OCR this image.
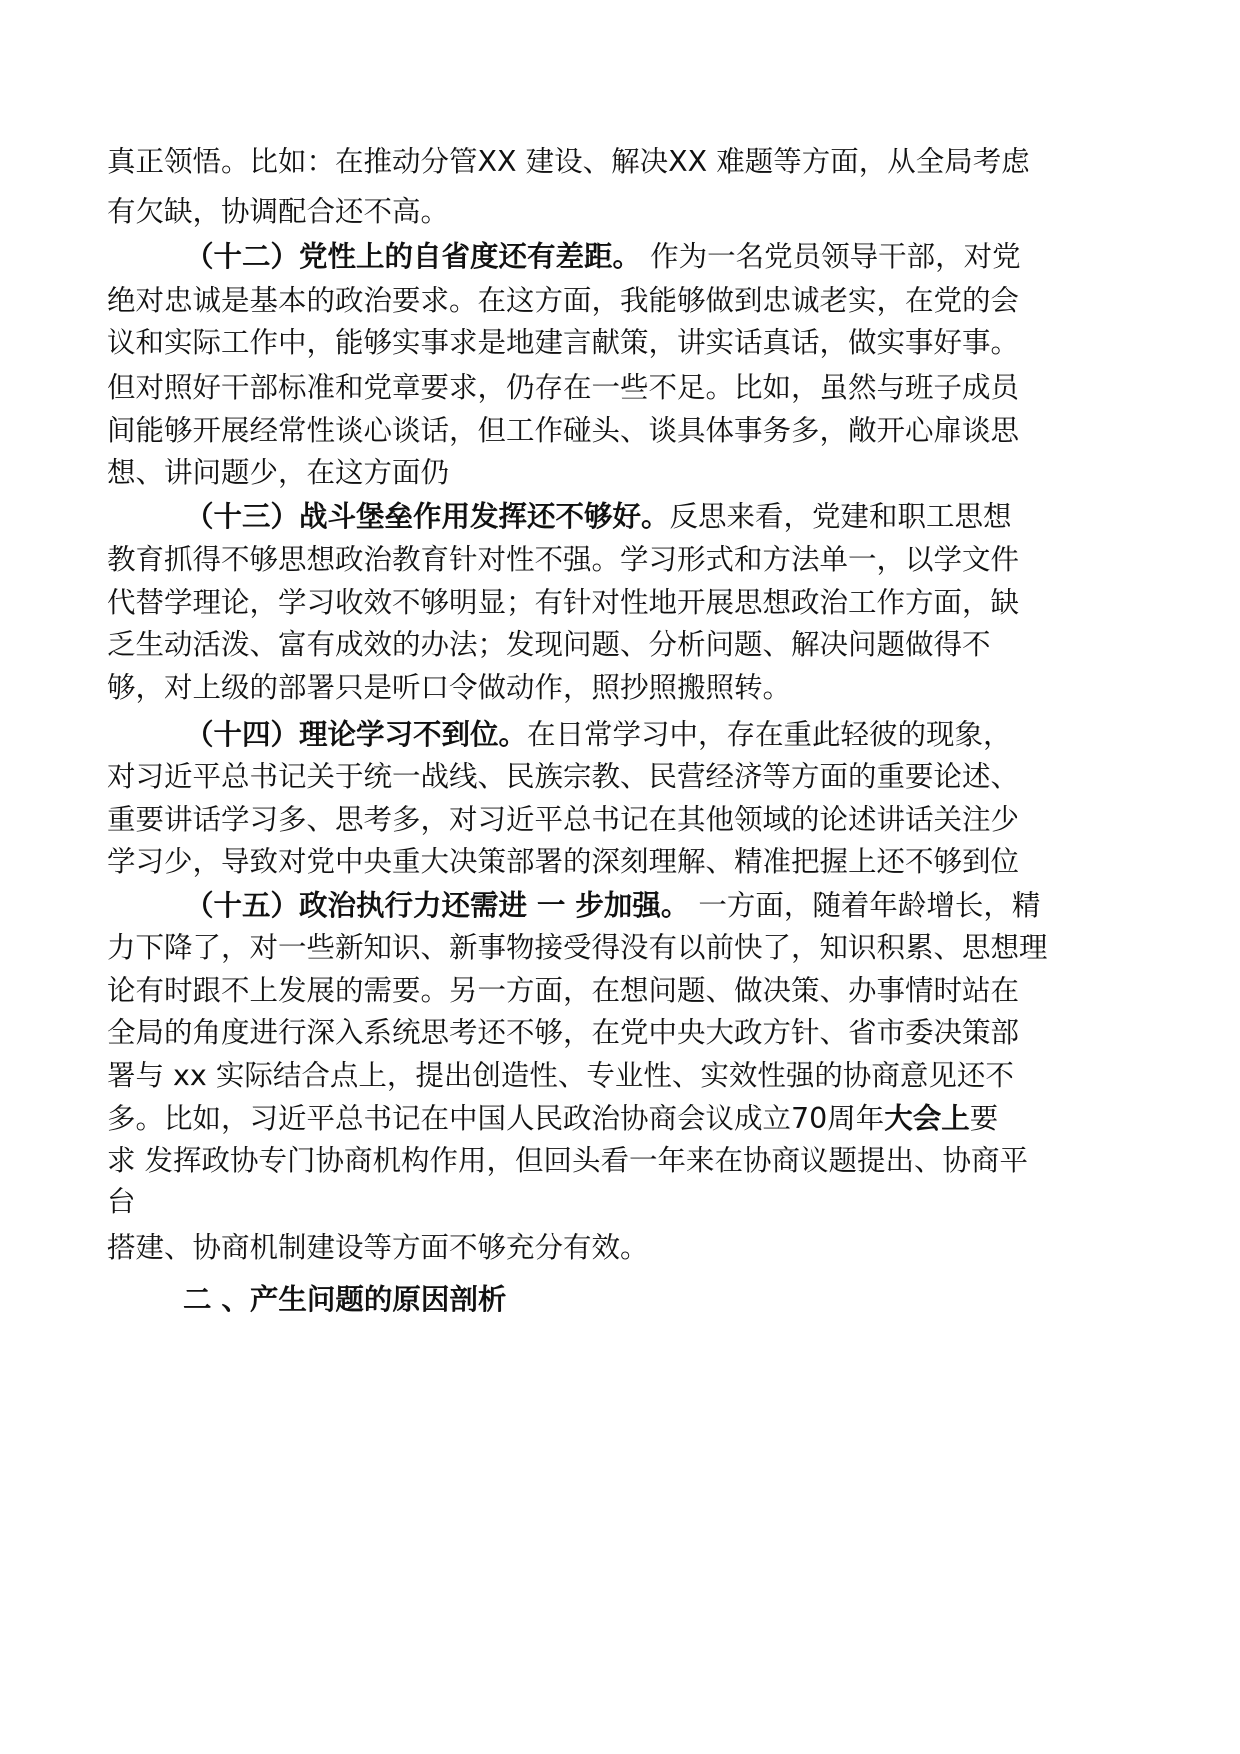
真正领悟。比如：在推动分管XX 建设、解决XX 难题等方面，从全局考虑
有欠缺，协调配合还不高。
（十二）党性上的自省度还有差距。 作为一名党员领导干部，对党
绝对忠诚是基本的政治要求。在这方面，我能够做到忠诚老实，在党的会
议和实际工作中，能够实事求是地建言献策，讲实话真话，做实事好事。
但对照好干部标准和党章要求，仍存在一些不足。比如，虽然与班子成员
间能够开展经常性谈心谈话，但工作碰头、谈具体事务多，敞开心扉谈思
想、讲问题少，在这方面仍
（十三）战斗堡垒作用发挥还不够好。反思来看，党建和职工思想
教育抓得不够思想政治教育针对性不强。学习形式和方法单一，以学文件
代替学理论，学习收效不够明显；有针对性地开展思想政治工作方面，缺
乏生动活泼、富有成效的办法；发现问题、分析问题、解决问题做得不
够，对上级的部署只是听口令做动作，照抄照搬照转。
（十四）理论学习不到位。在日常学习中，存在重此轻彼的现象，
对习近平总书记关于统一战线、民族宗教、民营经济等方面的重要论述、
重要讲话学习多、思考多，对习近平总书记在其他领域的论述讲话关注少
学习少，导致对党中央重大决策部署的深刻理解、精准把握上还不够到位
（十五）政治执行力还需进 一 步加强。 一方面，随着年龄增长，精
力下降了，对一些新知识、新事物接受得没有以前快了，知识积累、思想理
论有时跟不上发展的需要。另一方面，在想问题、做决策、办事情时站在
全局的角度进行深入系统思考还不够，在党中央大政方针、省市委决策部
署与 xx 实际结合点上，提出创造性、专业性、实效性强的协商意见还不
多。比如，习近平总书记在中国人民政治协商会议成立70周年大会上要
求 发挥政协专门协商机构作用，但回头看一年来在协商议题提出、协商平
台
搭建、协商机制建设等方面不够充分有效。
二 、产生问题的原因剖析
